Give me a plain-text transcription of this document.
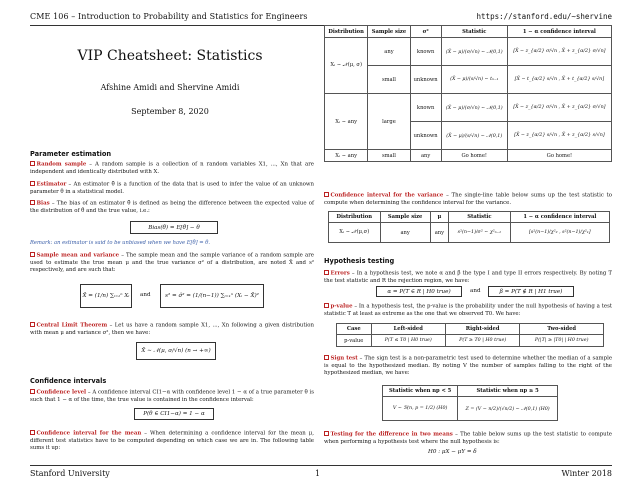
CME 106 – Introduction to Probability and Statistics for Engineers	https://stanford.edu/~shervine
VIP Cheatsheet: Statistics
Afshine Amidi and Shervine Amidi
September 8, 2020
Parameter estimation
Random sample – A random sample is a collection of n random variables X1, ..., Xn that are independent and identically distributed with X.
Estimator – An estimator θ̂ is a function of the data that is used to infer the value of an unknown parameter θ in a statistical model.
Bias – The bias of an estimator θ̂ is defined as being the difference between the expected value of the distribution of θ̂ and the true value, i.e.:
Bias(θ̂) = E[θ̂] − θ
Remark: an estimator is said to be unbiased when we have E[θ̂] = θ.
Sample mean and variance – The sample mean and the sample variance of a random sample are used to estimate the true mean μ and the true variance σ² of a distribution, are noted X̄ and s² respectively, and are such that:
X̄ = (1/n) ∑ᵢ₌₁ⁿ Xᵢ	and	s² = σ̂² = (1/(n−1)) ∑ᵢ₌₁ⁿ (Xᵢ − X̄)²
Central Limit Theorem – Let us have a random sample X1, ..., Xn following a given distribution with mean μ and variance σ², then we have:
X̄ ∼ 𝒩(μ, σ/√n) (n → +∞)
Confidence intervals
Confidence level – A confidence interval CI1−α with confidence level 1 − α of a true parameter θ is such that 1 − α of the time, the true value is contained in the confidence interval:
P(θ ∈ CI1−α) = 1 − α
Confidence interval for the mean – When determining a confidence interval for the mean μ, different test statistics have to be computed depending on which case we are in. The following table sums it up:
Distribution	Sample size	σ²	Statistic	1 − α confidence interval
Xᵢ ∼ 𝒩(μ, σ)	any	known	(X̄ − μ)/(σ/√n) ∼ 𝒩(0,1)	[X̄ − z_{α/2} σ/√n , X̄ + z_{α/2} σ/√n]
	small	unknown	(X̄ − μ)/(s/√n) ∼ tₙ₋₁	[X̄ − t_{α/2} s/√n , X̄ + t_{α/2} s/√n]
Xᵢ ∼ any	large	known	(X̄ − μ)/(σ/√n) ∼ 𝒩(0,1)	[X̄ − z_{α/2} σ/√n , X̄ + z_{α/2} σ/√n]
		unknown	(X̄ − μ)/(s/√n) ∼ 𝒩(0,1)	[X̄ − z_{α/2} s/√n , X̄ + z_{α/2} s/√n]
Xᵢ ∼ any	small	any	Go home!	Go home!
Confidence interval for the variance – The single-line table below sums up the test statistic to compute when determining the confidence interval for the variance.
Distribution	Sample size	μ	Statistic	1 − α confidence interval
Xᵢ ∼ 𝒩(μ,σ)	any	any	s²(n−1)/σ² ∼ χ²ₙ₋₁	[s²(n−1)/χ²₂ , s²(n−1)/χ²₁]
Hypothesis testing
Errors – In a hypothesis test, we note α and β the type I and type II errors respectively. By noting T the test statistic and R the rejection region, we have:
α = P(T ∈ R | H0 true)	and	β = P(T ∉ R | H1 true)
p-value – In a hypothesis test, the p-value is the probability under the null hypothesis of having a test statistic T at least as extreme as the one that we observed T0. We have:
Case	Left-sided	Right-sided	Two-sided
p-value	P(T ≤ T0 | H0 true)	P(T ≥ T0 | H0 true)	P(|T| ≥ |T0| | H0 true)
Sign test – The sign test is a non-parametric test used to determine whether the median of a sample is equal to the hypothesized median. By noting V the number of samples falling to the right of the hypothesized median, we have:
Statistic when np < 5	Statistic when np ≥ 5
V ∼ ℬ(n, p = 1/2) (H0)	Z = (V − n/2)/(√n/2) ∼ 𝒩(0,1) (H0)
Testing for the difference in two means – The table below sums up the test statistic to compute when performing a hypothesis test where the null hypothesis is:
H0 : μX − μY = δ
Stanford University	1	Winter 2018
